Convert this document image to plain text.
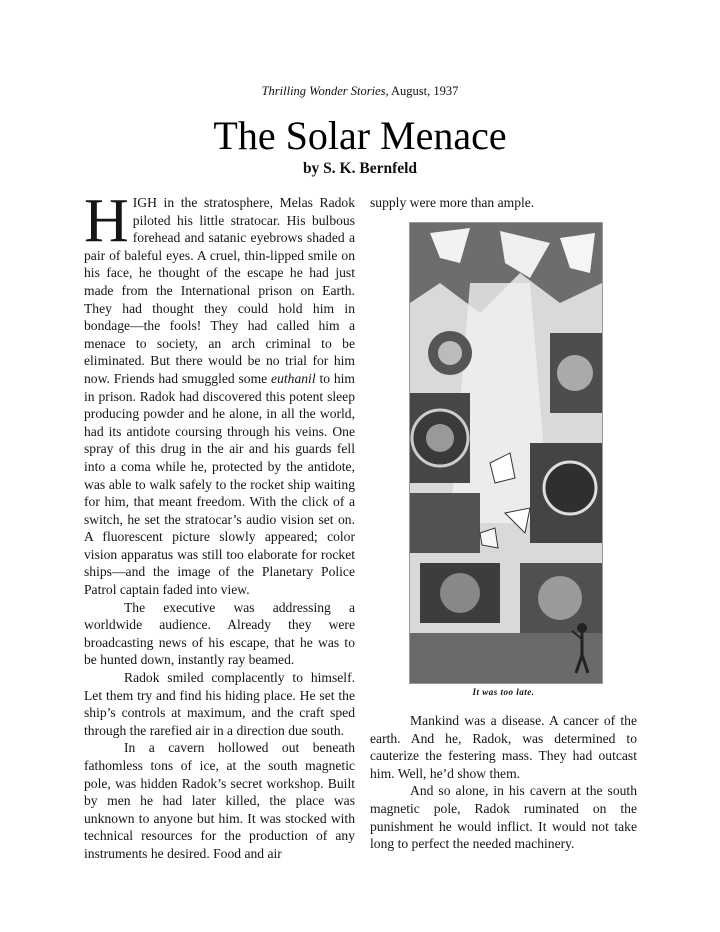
Thrilling Wonder Stories, August, 1937
The Solar Menace
by S. K. Bernfeld

HIGH in the stratosphere, Melas Radok piloted his little stratocar. His bulbous forehead and satanic eyebrows shaded a pair of baleful eyes. A cruel, thin-lipped smile on his face, he thought of the escape he had just made from the International prison on Earth. They had thought they could hold him in bondage—the fools! They had called him a menace to society, an arch criminal to be eliminated. But there would be no trial for him now. Friends had smuggled some euthanil to him in prison. Radok had discovered this potent sleep producing powder and he alone, in all the world, had its antidote coursing through his veins. One spray of this drug in the air and his guards fell into a coma while he, protected by the antidote, was able to walk safely to the rocket ship waiting for him, that meant freedom. With the click of a switch, he set the stratocar’s audio vision set on. A fluorescent picture slowly appeared; color vision apparatus was still too elaborate for rocket ships—and the image of the Planetary Police Patrol captain faded into view.

The executive was addressing a worldwide audience. Already they were broadcasting news of his escape, that he was to be hunted down, instantly ray beamed.

Radok smiled complacently to himself. Let them try and find his hiding place. He set the ship’s controls at maximum, and the craft sped through the rarefied air in a direction due south.

In a cavern hollowed out beneath fathomless tons of ice, at the south magnetic pole, was hidden Radok’s secret workshop. Built by men he had later killed, the place was unknown to anyone but him. It was stocked with technical resources for the production of any instruments he desired. Food and air

supply were more than ample.

It was too late.

Mankind was a disease. A cancer of the earth. And he, Radok, was determined to cauterize the festering mass. They had outcast him. Well, he’d show them.

And so alone, in his cavern at the south magnetic pole, Radok ruminated on the punishment he would inflict. It would not take long to perfect the needed machinery.
